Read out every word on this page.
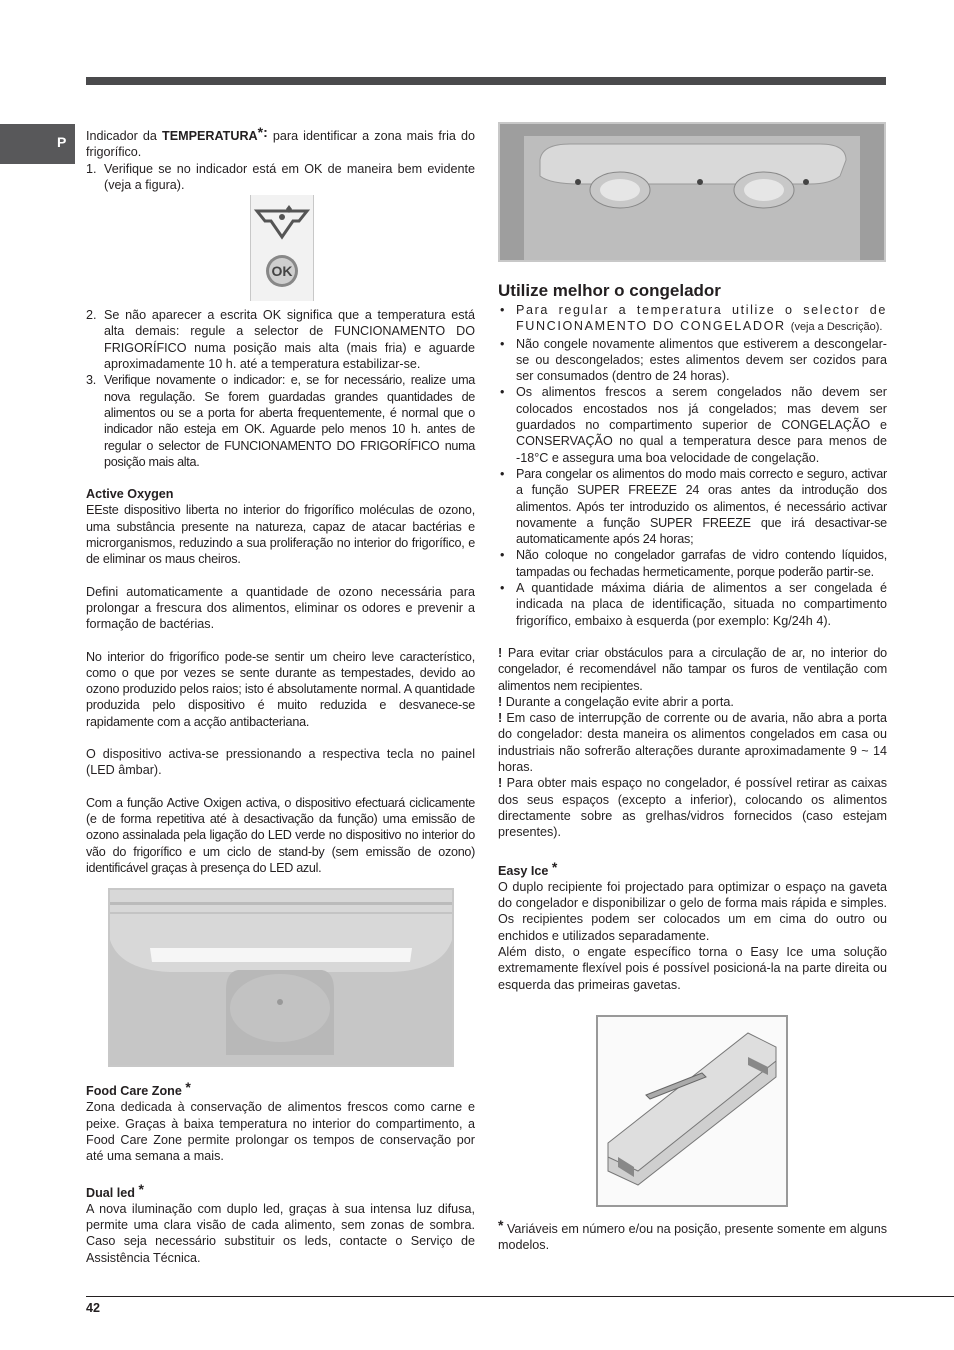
P Indicador da TEMPERATURA*: para identificar a zona mais fria do frigorífico.

1. Verifique se no indicador está em OK de maneira bem evidente (veja a figura).
OK
2. Se não aparecer a escrita OK significa que a temperatura está alta demais: regule a selector de FUNCIONAMENTO DO FRIGORÍFICO numa posição mais alta (mais fria) e aguarde aproximadamente 10 h. até a temperatura estabilizar-se.
3. Verifique novamente o indicador: e, se for necessário, realize uma nova regulação. Se forem guardadas grandes quantidades de alimentos ou se a porta for aberta frequentemente, é normal que o indicador não esteja em OK. Aguarde pelo menos 10 h. antes de regular o selector de FUNCIONAMENTO DO FRIGORÍFICO numa posição mais alta.

Active Oxygen

EEste dispositivo liberta no interior do frigorífico moléculas de ozono, uma substância presente na natureza, capaz de atacar bactérias e microrganismos, reduzindo a sua proliferação no interior do frigorífico, e de eliminar os maus cheiros.

Defini automaticamente a quantidade de ozono necessária para prolongar a frescura dos alimentos, eliminar os odores e prevenir a formação de bactérias.

No interior do frigorífico pode-se sentir um cheiro leve característico, como o que por vezes se sente durante as tempestades, devido ao ozono produzido pelos raios; isto é absolutamente normal. A quantidade produzida pelo dispositivo é muito reduzida e desvanece-se rapidamente com a acção antibacteriana.

O dispositivo activa-se pressionando a respectiva tecla no painel (LED âmbar).

Com a função Active Oxigen activa, o dispositivo efectuará ciclicamente (e de forma repetitiva até à desactivação da função) uma emissão de ozono assinalada pela ligação do LED verde no dispositivo no interior do vão do frigorífico e um ciclo de stand-by (sem emissão de ozono) identificável graças à presença do LED azul.

Food Care Zone *

Zona dedicada à conservação de alimentos frescos como carne e peixe. Graças à baixa temperatura no interior do compartimento, a Food Care Zone permite prolongar os tempos de conservação por até uma semana a mais.

Dual led *

A nova iluminação com duplo led, graças à sua intensa luz difusa, permite uma clara visão de cada alimento, sem zonas de sombra. Caso seja necessário substituir os leds, contacte o Serviço de Assistência Técnica.

Utilize melhor o congelador
• Para regular a temperatura utilize o selector de FUNCIONAMENTO DO CONGELADOR (veja a Descrição).
• Não congele novamente alimentos que estiverem a descongelar-se ou descongelados; estes alimentos devem ser cozidos para ser consumados (dentro de 24 horas).
• Os alimentos frescos a serem congelados não devem ser colocados encostados nos já congelados; mas devem ser guardados no compartimento superior de CONGELAÇÃO e CONSERVAÇÃO no qual a temperatura desce para menos de -18°C e assegura uma boa velocidade de congelação.
• Para congelar os alimentos do modo mais correcto e seguro, activar a função SUPER FREEZE 24 oras antes da introdução dos alimentos. Após ter introduzido os alimentos, é necessário activar novamente a função SUPER FREEZE que irá desactivar-se automaticamente após 24 horas;
• Não coloque no congelador garrafas de vidro contendo líquidos, tampadas ou fechadas hermeticamente, porque poderão partir-se.
• A quantidade máxima diária de alimentos a ser congelada é indicada na placa de identificação, situada no compartimento frigorífico, embaixo à esquerda (por exemplo: Kg/24h 4).

! Para evitar criar obstáculos para a circulação de ar, no interior do congelador, é recomendável não tampar os furos de ventilação com alimentos nem recipientes.

! Durante a congelação evite abrir a porta.

! Em caso de interrupção de corrente ou de avaria, não abra a porta do congelador: desta maneira os alimentos congelados em casa ou industriais não sofrerão alterações durante aproximadamente 9 ~ 14 horas.

! Para obter mais espaço no congelador, é possível retirar as caixas dos seus espaços (excepto a inferior), colocando os alimentos directamente sobre as grelhas/vidros fornecidos (caso estejam presentes).

Easy Ice *

O duplo recipiente foi projectado para optimizar o espaço na gaveta do congelador e disponibilizar o gelo de forma mais rápida e simples. Os recipientes podem ser colocados um em cima do outro ou enchidos e utilizados separadamente.

Além disto, o engate específico torna o Easy Ice uma solução extremamente flexível pois é possível posicioná-la na parte direita ou esquerda das primeiras gavetas.

* Variáveis em número e/ou na posição, presente somente em alguns modelos.

42
